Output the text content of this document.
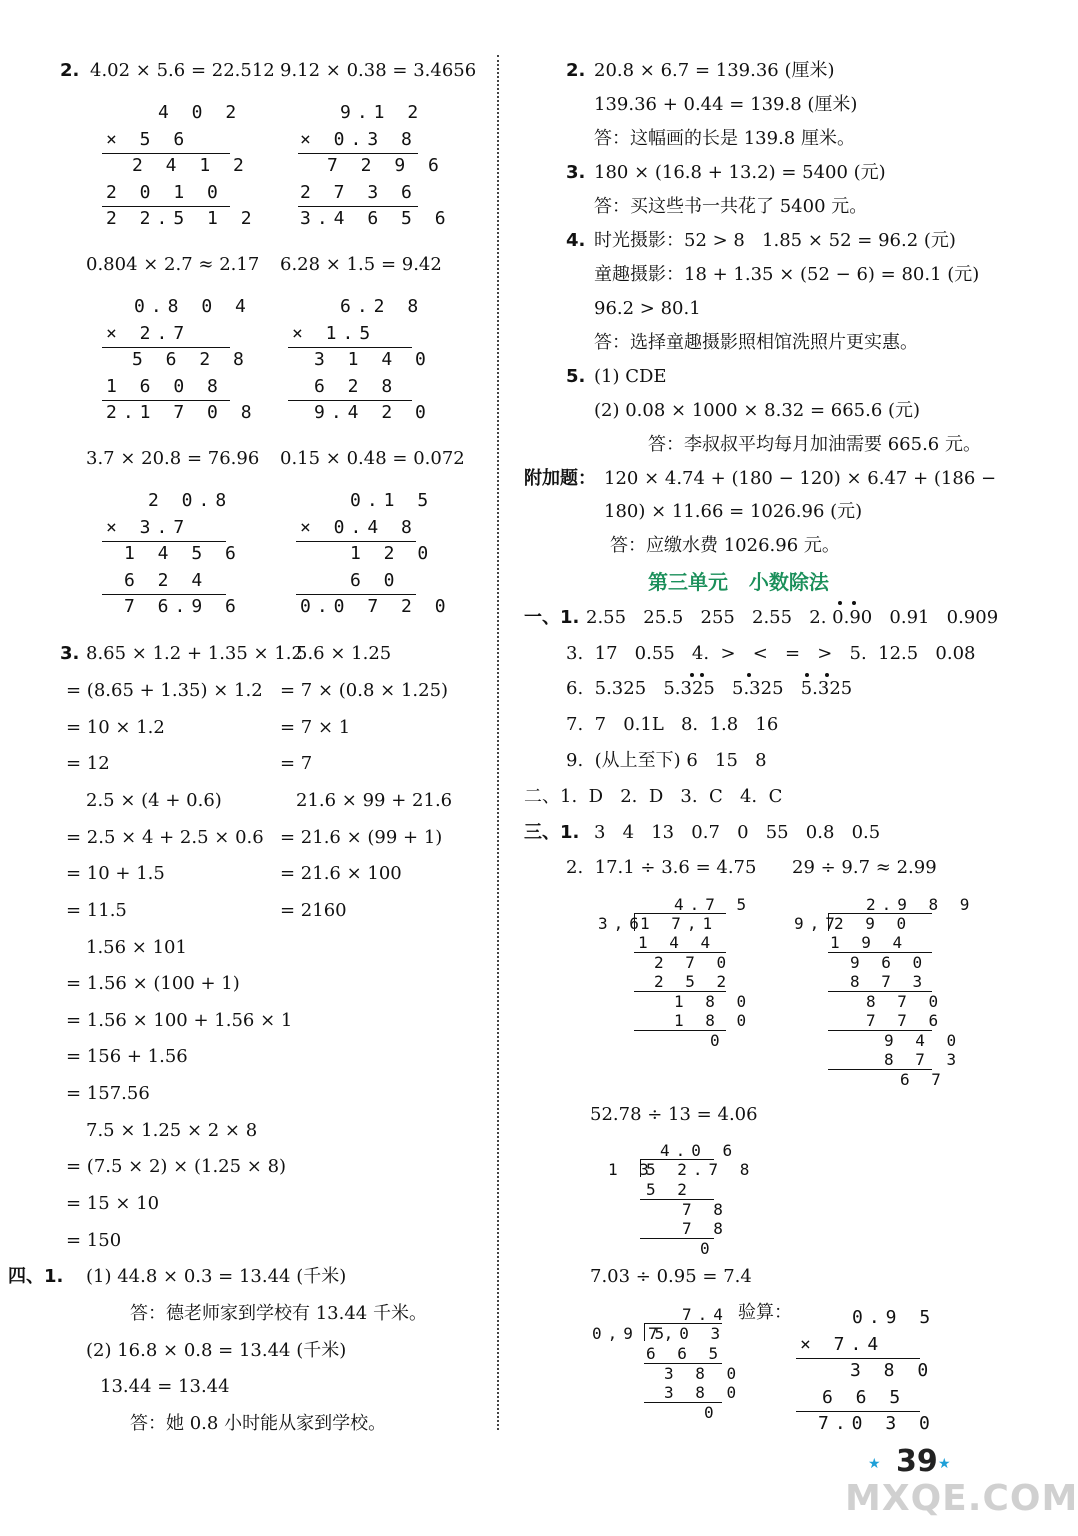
2. 4.02 × 5.6 = 22.512 9.12 × 0.38 = 3.4656
4 0 2
× 5 6
2 4 1 2
2 0 1 0
2 2.5 1 2
9.1 2
× 0.3 8
7 2 9 6
2 7 3 6
3.4 6 5 6
0.804 × 2.7 ≈ 2.17 6.28 × 1.5 = 9.42
0.8 0 4
× 2.7
5 6 2 8
1 6 0 8
2.1 7 0 8
6.2 8
× 1.5
3 1 4 0
6 2 8
9.4 2 0
3.7 × 20.8 = 76.96 0.15 × 0.48 = 0.072
2 0.8
× 3.7
1 4 5 6
6 2 4
7 6.9 6
0.1 5
× 0.4 8
1 2 0
6 0
0.0 7 2 0
3. 8.65 × 1.2 + 1.35 × 1.2
= (8.65 + 1.35) × 1.2
= 10 × 1.2
= 12
5.6 × 1.25
= 7 × (0.8 × 1.25)
= 7 × 1
= 7
2.5 × (4 + 0.6)
= 2.5 × 4 + 2.5 × 0.6
= 10 + 1.5
= 11.5
21.6 × 99 + 21.6
= 21.6 × (99 + 1)
= 21.6 × 100
= 2160
1.56 × 101
= 1.56 × (100 + 1)
= 1.56 × 100 + 1.56 × 1
= 156 + 1.56
= 157.56
7.5 × 1.25 × 2 × 8
= (7.5 × 2) × (1.25 × 8)
= 15 × 10
= 150
四、1. (1) 44.8 × 0.3 = 13.44 (千米)
答：德老师家到学校有 13.44 千米。
(2) 16.8 × 0.8 = 13.44 (千米)
13.44 = 13.44
答：她 0.8 小时能从家到学校。
2. 20.8 × 6.7 = 139.36 (厘米)
139.36 + 0.44 = 139.8 (厘米)
答：这幅画的长是 139.8 厘米。
3. 180 × (16.8 + 13.2) = 5400 (元)
答：买这些书一共花了 5400 元。
4. 时光摄影：52 > 8   1.85 × 52 = 96.2 (元)
童趣摄影：18 + 1.35 × (52 − 6) = 80.1 (元)
96.2 > 80.1
答：选择童趣摄影照相馆洗照片更实惠。
5. (1) CDE
(2) 0.08 × 1000 × 8.32 = 665.6 (元)
答：李叔叔平均每月加油需要 665.6 元。
附加题： 120 × 4.74 + (180 − 120) × 6.47 + (186 −
180) × 11.66 = 1026.96 (元)
答：应缴水费 1026.96 元。
第三单元   小数除法
一、1. 2.55   25.5   255   2.55   2. 0.90   0.91   0.909
3.  17   0.55   4.  >   <   =   >   5.  12.5   0.08
6.  5.325   5.325   5.325   5.325
7.  7   0.1L   8.  1.8   16
9.  (从上至下) 6   15   8
二、1.  D   2.  D   3.  C   4.  C
三、1. 3   4   13   0.7   0   55   0.8   0.5
2.  17.1 ÷ 3.6 = 4.75 29 ÷ 9.7 ≈ 2.99
4.7 5
3,6
1 7,1
1 4 4
2 7 0
2 5 2
1 8 0
1 8 0
0
2.9 8 9
9,7
2 9 0
1 9 4
9 6 0
8 7 3
8 7 0
7 7 6
9 4 0
8 7 3
6 7
52.78 ÷ 13 = 4.06
4.0 6
1 3
5 2.7 8
5 2
7 8
7 8
0
7.03 ÷ 0.95 = 7.4
7.4
0,9 5
7,0 3
6 6 5
3 8 0
3 8 0
0
验算：	0.9 5
× 7.4
3 8 0
6 6 5
7.0 3 0
★ 39 ★
MXQE.COM
